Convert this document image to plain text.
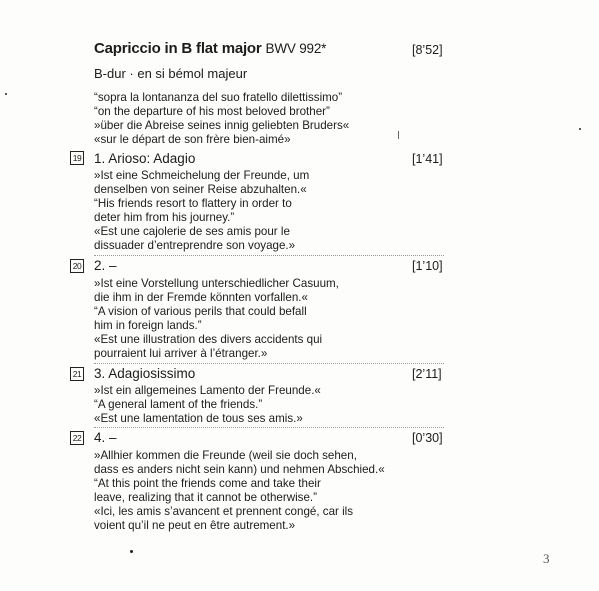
Capriccio in B flat major BWV 992*	[8’52]
B-dur · en si bémol majeur
“sopra la lontananza del suo fratello dilettissimo”
“on the departure of his most beloved brother”
»über die Abreise seines innig geliebten Bruders«
«sur le départ de son frère bien-aimé»
19 1. Arioso: Adagio	[1’41]
»Ist eine Schmeichelung der Freunde, um
denselben von seiner Reise abzuhalten.«
“His friends resort to flattery in order to
deter him from his journey.”
«Est une cajolerie de ses amis pour le
dissuader d’entreprendre son voyage.»
20 2. –	[1’10]
»Ist eine Vorstellung unterschiedlicher Casuum,
die ihm in der Fremde könnten vorfallen.«
“A vision of various perils that could befall
him in foreign lands.”
«Est une illustration des divers accidents qui
pourraient lui arriver à l’étranger.»
21 3. Adagiosissimo	[2’11]
»Ist ein allgemeines Lamento der Freunde.«
“A general lament of the friends.”
«Est une lamentation de tous ses amis.»
22 4. –	[0’30]
»Allhier kommen die Freunde (weil sie doch sehen,
dass es anders nicht sein kann) und nehmen Abschied.«
“At this point the friends come and take their
leave, realizing that it cannot be otherwise.”
«Ici, les amis s’avancent et prennent congé, car ils
voient qu’il ne peut en être autrement.»
3
